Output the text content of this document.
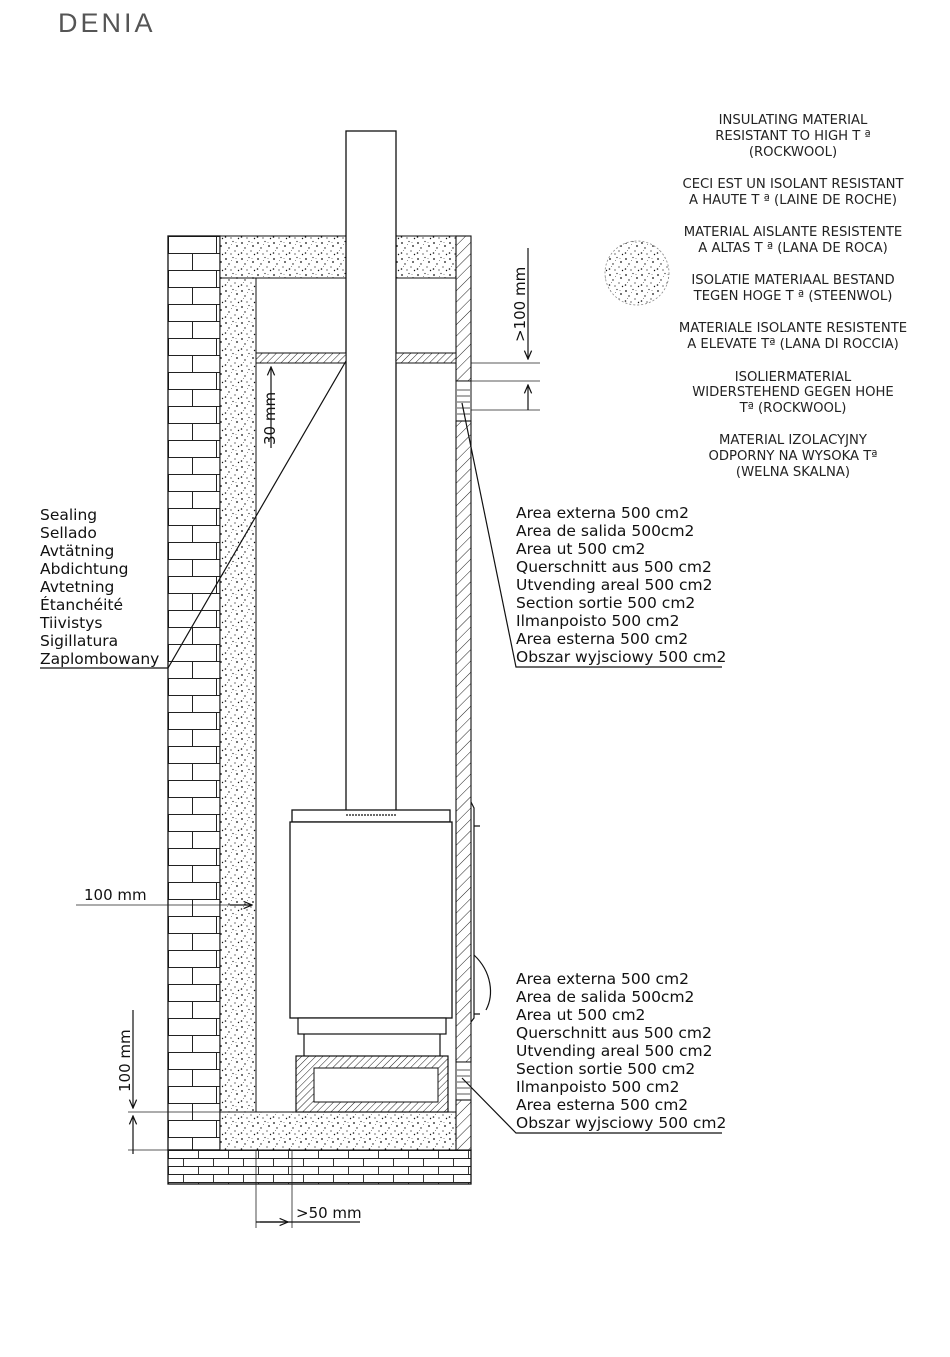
DENIA
>100 mm
30 mm
100 mm
100 mm
>50 mm
Sealing
Sellado
Avtätning
Abdichtung
Avtetning
Étanchéité
Tiivistys
Sigillatura
Zaplombowany
Area externa 500 cm2
Area de salida 500cm2
Area ut 500 cm2
Querschnitt aus 500 cm2
Utvending areal 500 cm2
Section sortie 500 cm2
Ilmanpoisto 500 cm2
Area esterna 500 cm2
Obszar wyjsciowy 500 cm2
Area externa 500 cm2
Area de salida 500cm2
Area ut 500 cm2
Querschnitt aus 500 cm2
Utvending areal 500 cm2
Section sortie 500 cm2
Ilmanpoisto 500 cm2
Area esterna 500 cm2
Obszar wyjsciowy 500 cm2
INSULATING MATERIAL
RESISTANT TO HIGH T ª
(ROCKWOOL)
CECI EST UN ISOLANT RESISTANT
A HAUTE T ª (LAINE DE ROCHE)
MATERIAL AISLANTE RESISTENTE
A ALTAS T ª (LANA DE ROCA)
ISOLATIE MATERIAAL BESTAND
TEGEN HOGE T ª (STEENWOL)
MATERIALE ISOLANTE RESISTENTE
A ELEVATE Tª (LANA DI ROCCIA)
ISOLIERMATERIAL
WIDERSTEHEND GEGEN HOHE
Tª (ROCKWOOL)
MATERIAL IZOLACYJNY
ODPORNY NA WYSOKA Tª
(WELNA SKALNA)
